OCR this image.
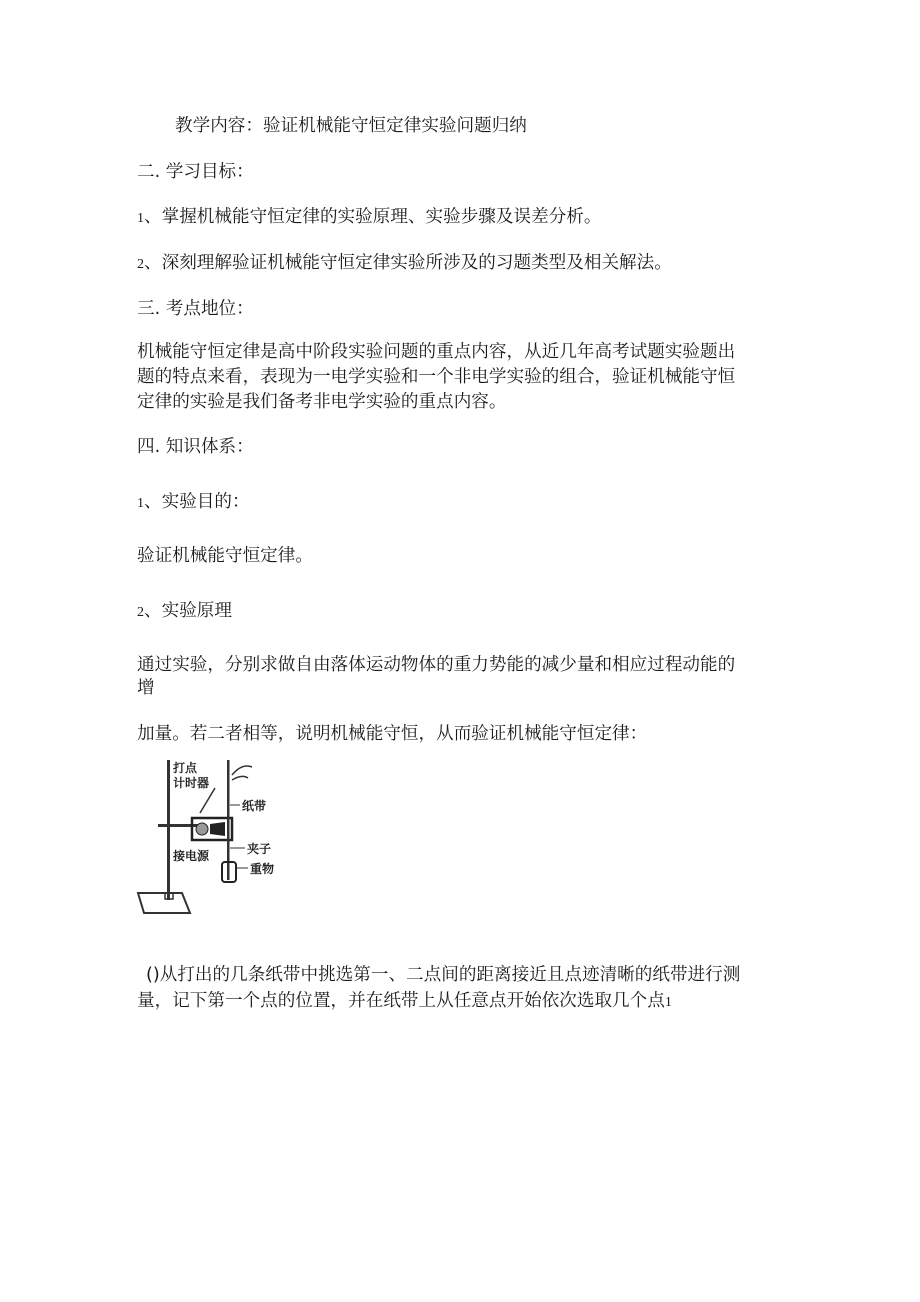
教学内容：验证机械能守恒定律实验问题归纳
二. 学习目标：
1、掌握机械能守恒定律的实验原理、实验步骤及误差分析。
2、深刻理解验证机械能守恒定律实验所涉及的习题类型及相关解法。
三. 考点地位：
机械能守恒定律是高中阶段实验问题的重点内容，从近几年高考试题实验题出
题的特点来看，表现为一电学实验和一个非电学实验的组合，验证机械能守恒
定律的实验是我们备考非电学实验的重点内容。
四. 知识体系：
1、实验目的：
验证机械能守恒定律。
2、实验原理
通过实验，分别求做自由落体运动物体的重力势能的减少量和相应过程动能的
增
加量。若二者相等，说明机械能守恒，从而验证机械能守恒定律：
打点
计时器
纸带
夹子
接电源
重物
()从打出的几条纸带中挑选第一、二点间的距离接近且点迹清晰的纸带进行测
量，记下第一个点的位置，并在纸带上从任意点开始依次选取几个点1
